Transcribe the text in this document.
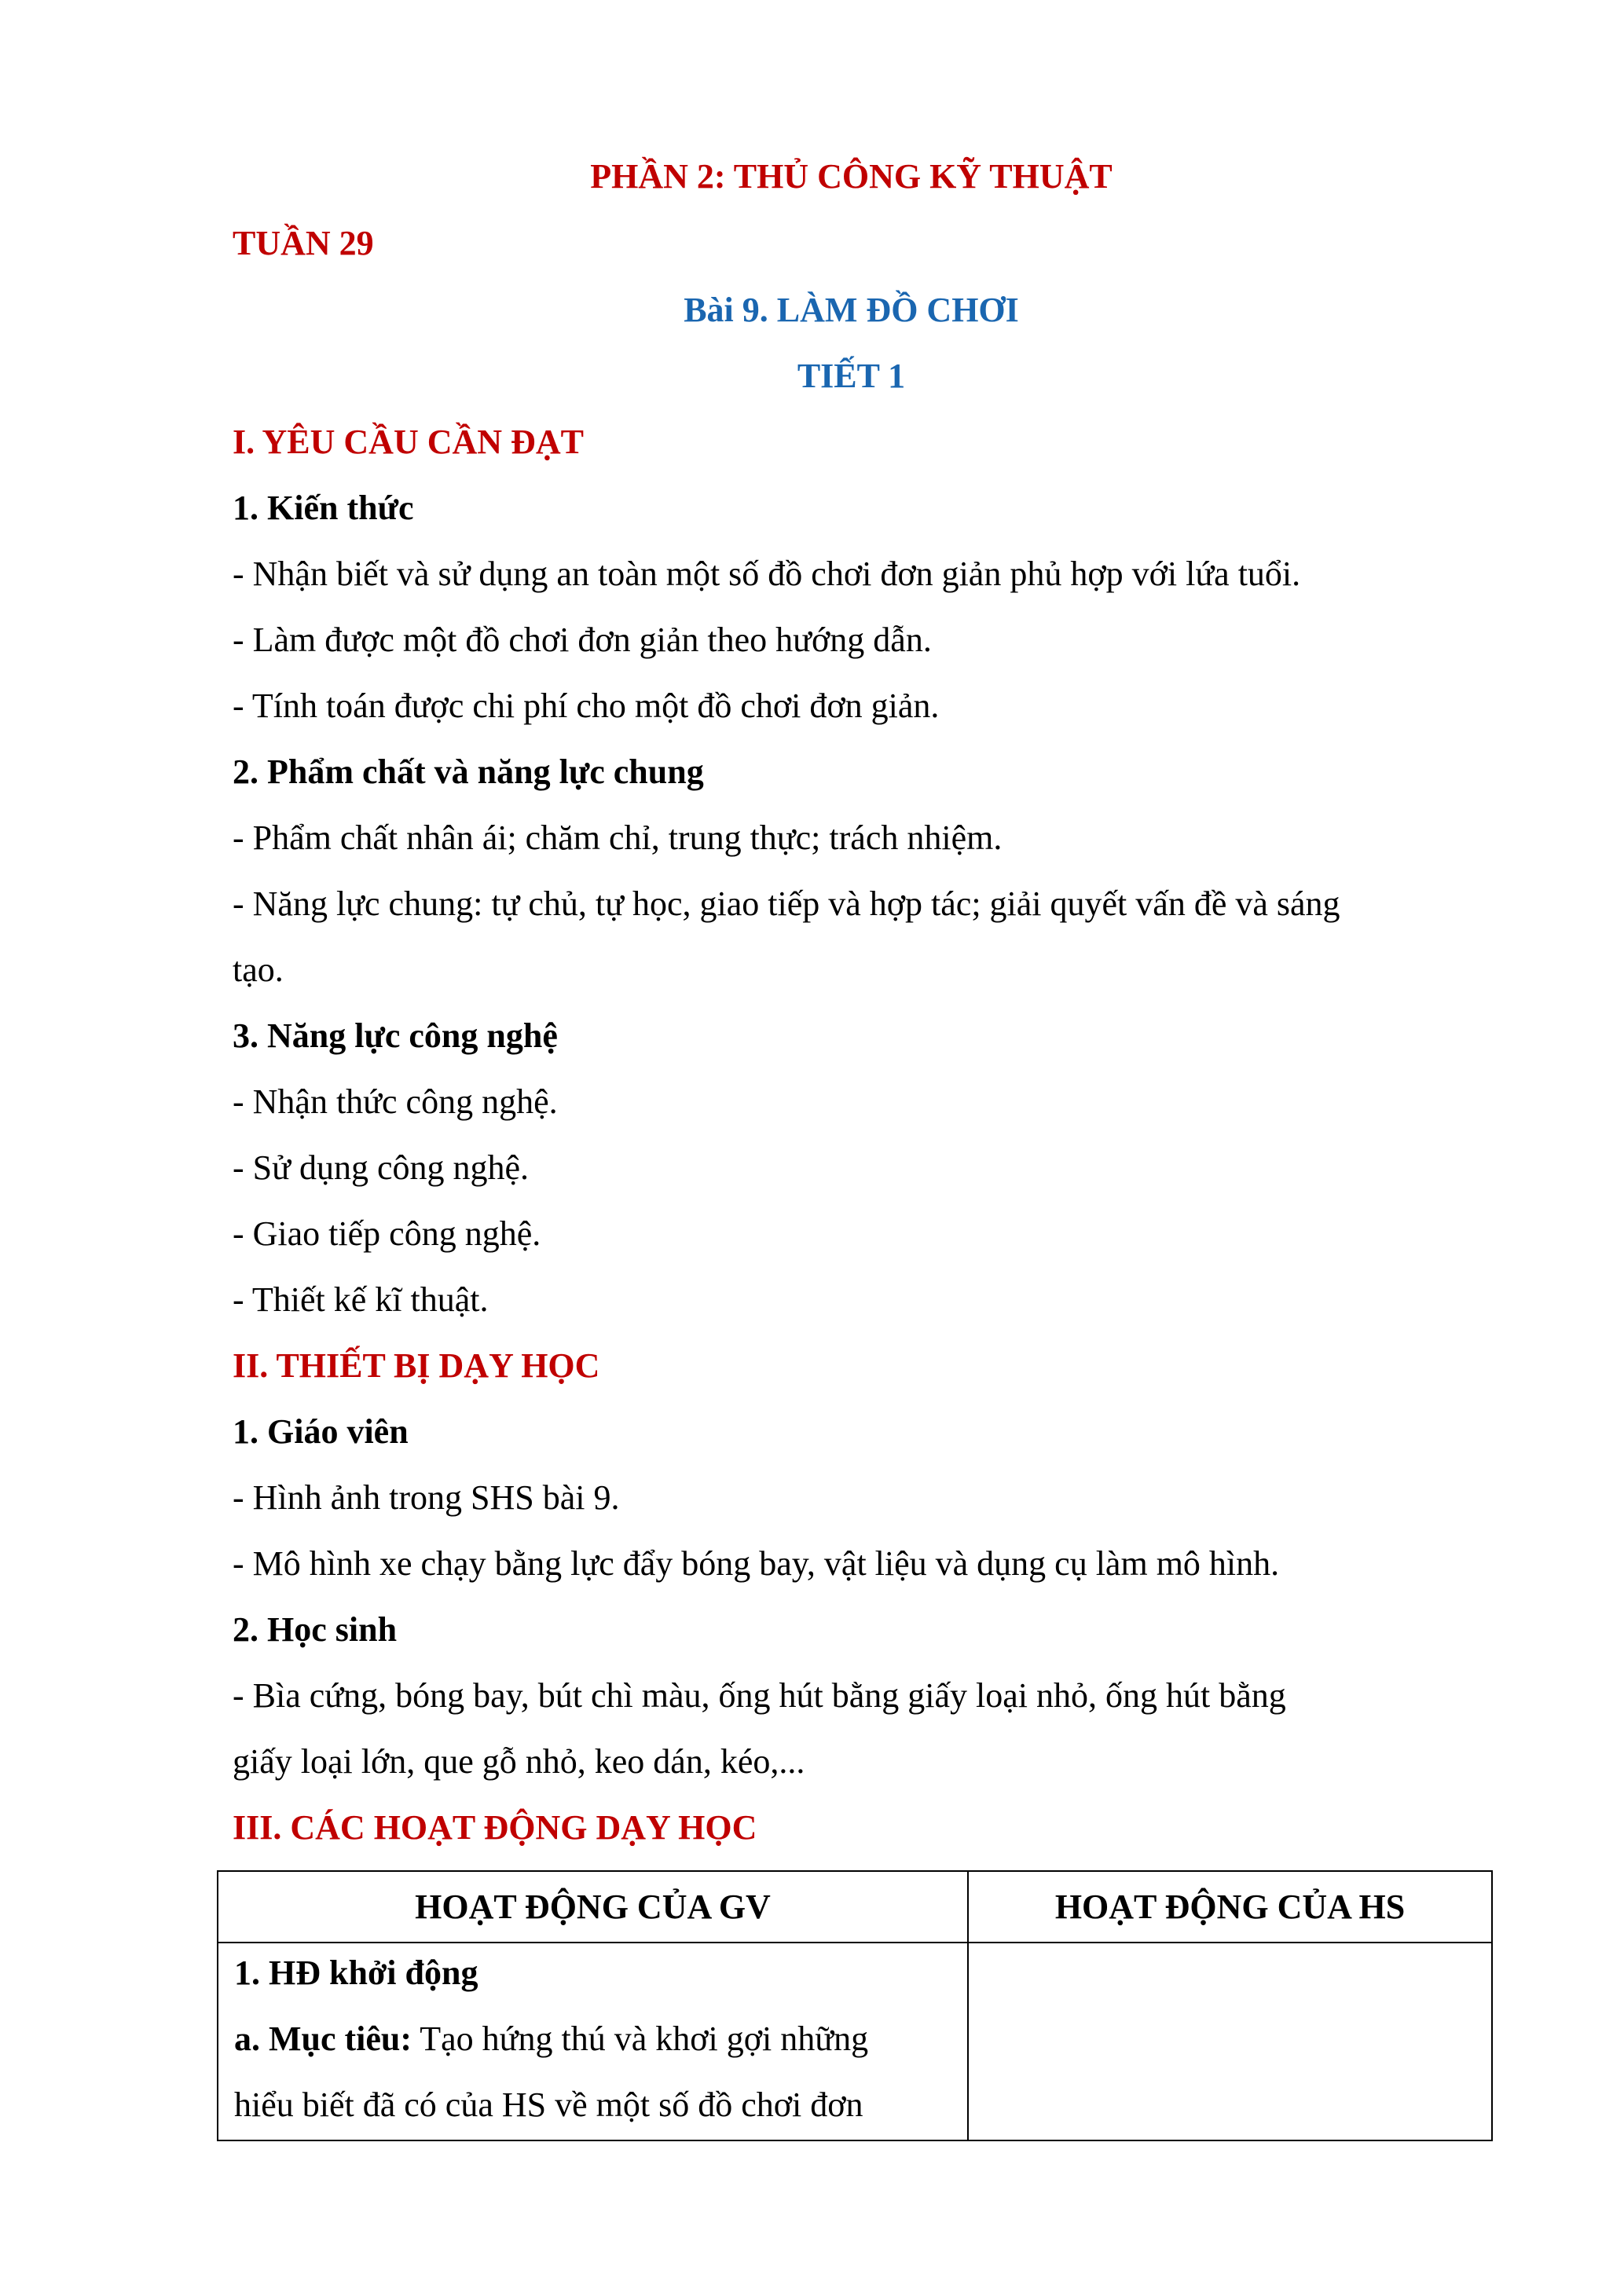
PHẦN 2: THỦ CÔNG KỸ THUẬT
TUẦN 29
Bài 9. LÀM ĐỒ CHƠI
TIẾT 1
I. YÊU CẦU CẦN ĐẠT
1. Kiến thức
- Nhận biết và sử dụng an toàn một số đồ chơi đơn giản phủ hợp với lứa tuổi.
- Làm được một đồ chơi đơn giản theo hướng dẫn.
- Tính toán được chi phí cho một đồ chơi đơn giản.
2. Phẩm chất và năng lực chung
- Phẩm chất nhân ái; chăm chỉ, trung thực; trách nhiệm.
- Năng lực chung: tự chủ, tự học, giao tiếp và hợp tác; giải quyết vấn đề và sáng
tạo.
3. Năng lực công nghệ
- Nhận thức công nghệ.
- Sử dụng công nghệ.
- Giao tiếp công nghệ.
- Thiết kế kĩ thuật.
II. THIẾT BỊ DẠY HỌC
1. Giáo viên
- Hình ảnh trong SHS bài 9.
- Mô hình xe chạy bằng lực đẩy bóng bay, vật liệu và dụng cụ làm mô hình.
2. Học sinh
- Bìa cứng, bóng bay, bút chì màu, ống hút bằng giấy loại nhỏ, ống hút bằng
giấy loại lớn, que gỗ nhỏ, keo dán, kéo,...
III. CÁC HOẠT ĐỘNG DẠY HỌC
HOẠT ĐỘNG CỦA GV	HOẠT ĐỘNG CỦA HS

1. HĐ khởi động
a. Mục tiêu: Tạo hứng thú và khơi gợi những
hiểu biết đã có của HS về một số đồ chơi đơn	
